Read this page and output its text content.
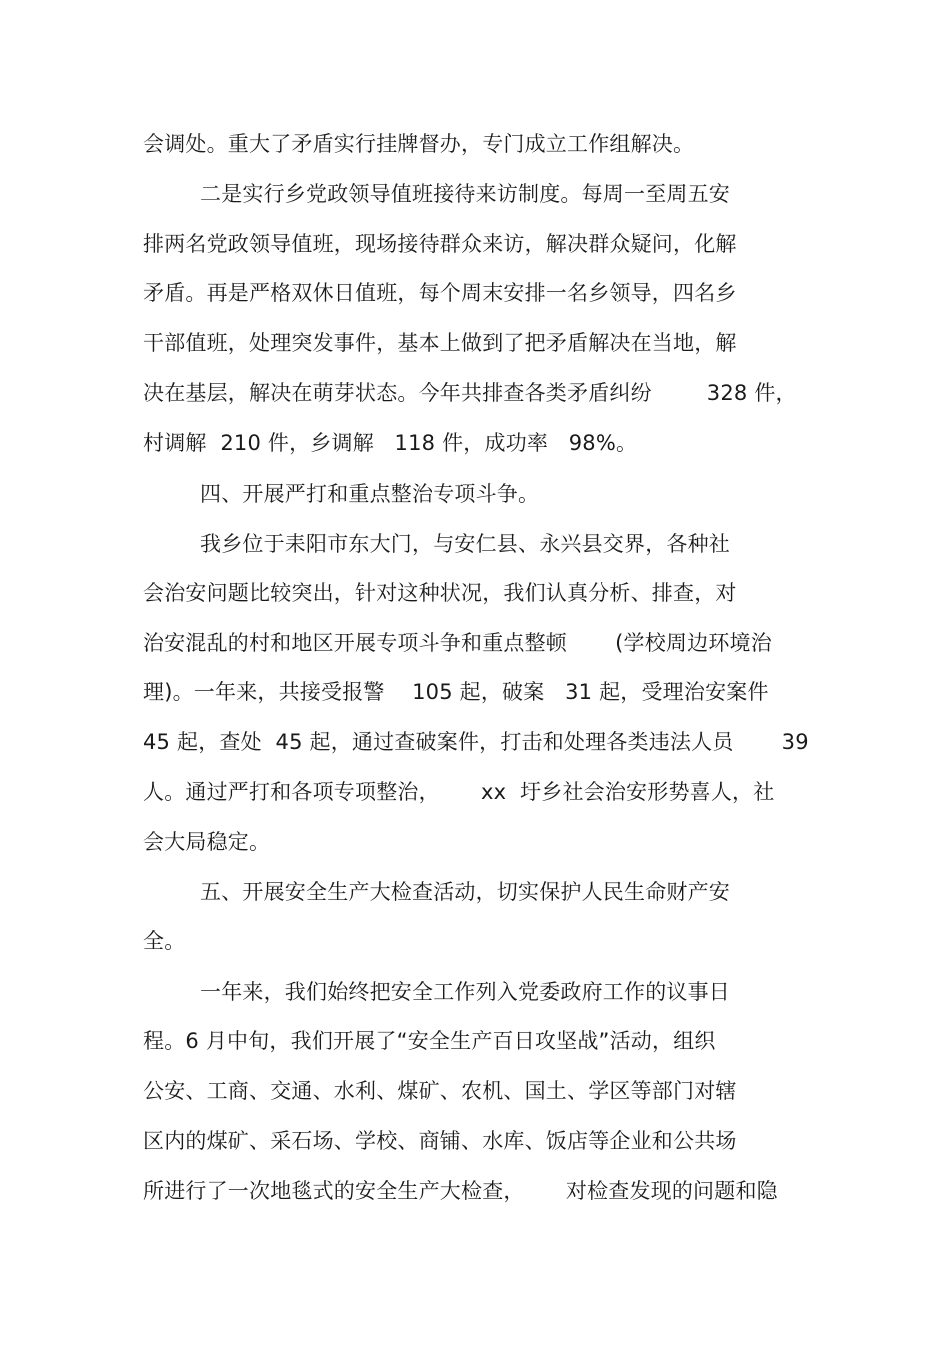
会调处。重大了矛盾实行挂牌督办，专门成立工作组解决。
二是实行乡党政领导值班接待来访制度。每周一至周五安
排两名党政领导值班，现场接待群众来访，解决群众疑问，化解
矛盾。再是严格双休日值班，每个周末安排一名乡领导，四名乡
干部值班，处理突发事件，基本上做到了把矛盾解决在当地，解
决在基层，解决在萌芽状态。今年共排查各类矛盾纠纷        328 件，
村调解  210 件，乡调解   118 件，成功率   98%。
四、开展严打和重点整治专项斗争。
我乡位于耒阳市东大门，与安仁县、永兴县交界，各种社
会治安问题比较突出，针对这种状况，我们认真分析、排查，对
治安混乱的村和地区开展专项斗争和重点整顿       (学校周边环境治
理)。一年来，共接受报警    105 起，破案   31 起，受理治安案件
45 起，查处  45 起，通过查破案件，打击和处理各类违法人员       39
人。通过严打和各项专项整治，      xx  圩乡社会治安形势喜人，社
会大局稳定。
五、开展安全生产大检查活动，切实保护人民生命财产安
全。
一年来，我们始终把安全工作列入党委政府工作的议事日
程。6 月中旬，我们开展了“安全生产百日攻坚战”活动，组织
公安、工商、交通、水利、煤矿、农机、国土、学区等部门对辖
区内的煤矿、采石场、学校、商铺、水库、饭店等企业和公共场
所进行了一次地毯式的安全生产大检查，      对检查发现的问题和隐
